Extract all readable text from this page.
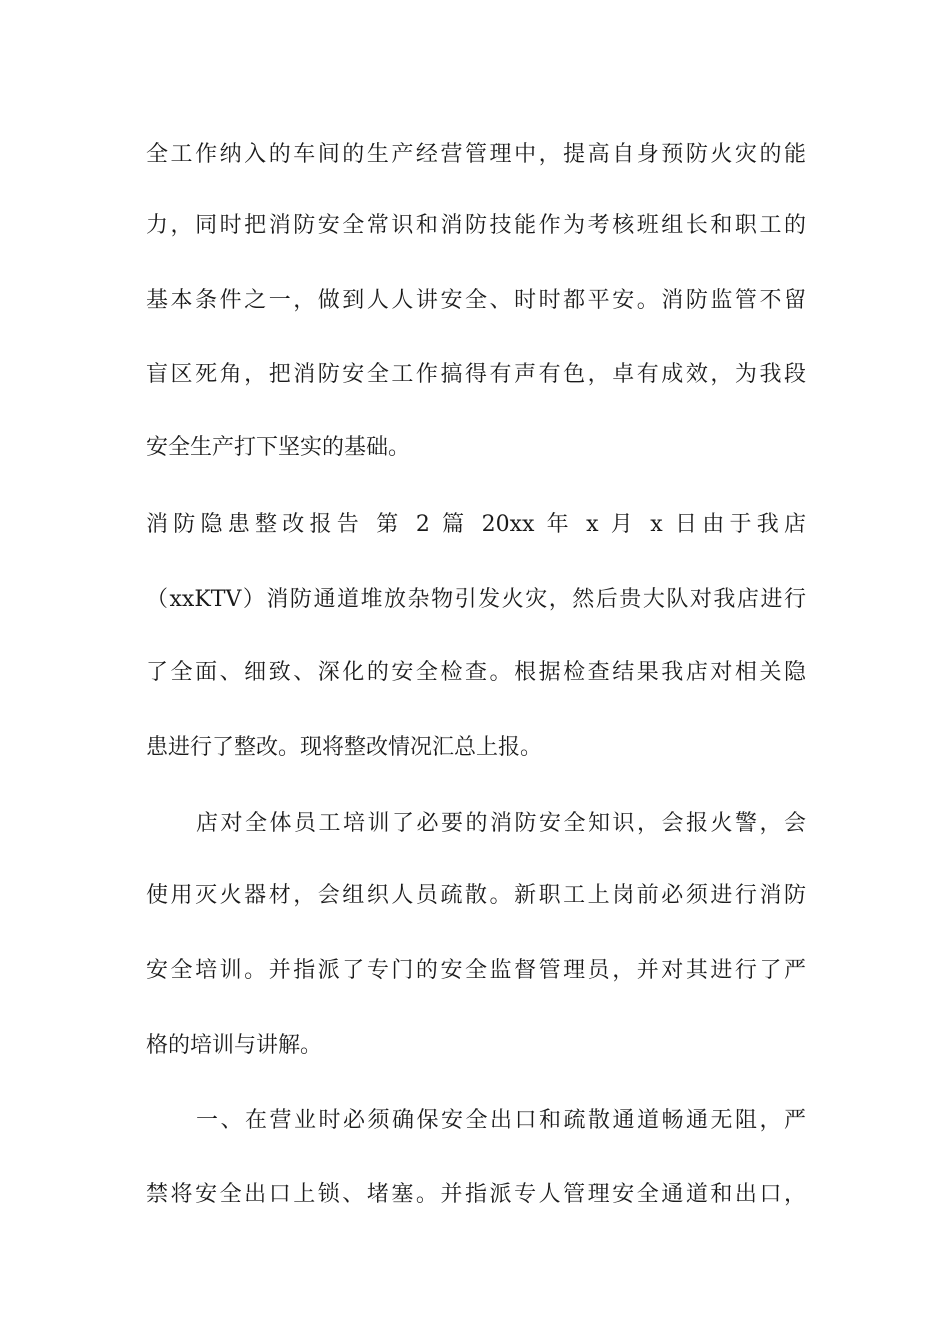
全工作纳入的车间的生产经营管理中，提高自身预防火灾的能
力，同时把消防安全常识和消防技能作为考核班组长和职工的
基本条件之一，做到人人讲安全、时时都平安。消防监管不留
盲区死角，把消防安全工作搞得有声有色，卓有成效，为我段
安全生产打下坚实的基础。
消防隐患整改报告 第 2 篇 20xx 年 x 月 x 日由于我店
（xxKTV）消防通道堆放杂物引发火灾，然后贵大队对我店进行
了全面、细致、深化的安全检查。根据检查结果我店对相关隐
患进行了整改。现将整改情况汇总上报。
店对全体员工培训了必要的消防安全知识，会报火警，会
使用灭火器材，会组织人员疏散。新职工上岗前必须进行消防
安全培训。并指派了专门的安全监督管理员，并对其进行了严
格的培训与讲解。
一、在营业时必须确保安全出口和疏散通道畅通无阻，严
禁将安全出口上锁、堵塞。并指派专人管理安全通道和出口，
